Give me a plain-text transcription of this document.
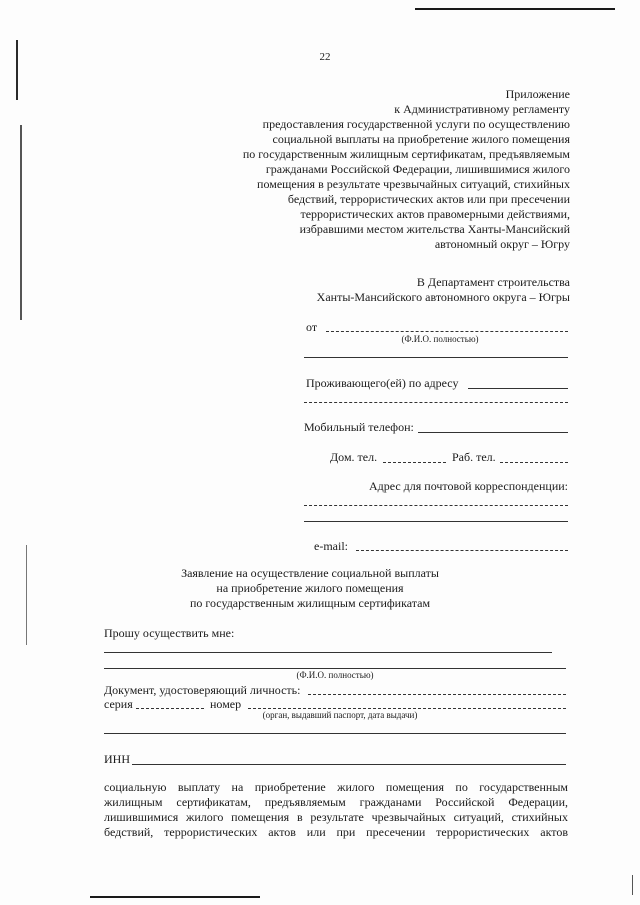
22
Приложение
к Административному регламенту
предоставления государственной услуги по осуществлению
социальной выплаты на приобретение жилого помещения
по государственным жилищным сертификатам, предъявляемым
гражданами Российской Федерации, лишившимися жилого
помещения в результате чрезвычайных ситуаций, стихийных
бедствий, террористических актов или при пресечении
террористических актов правомерными действиями,
избравшими местом жительства Ханты-Мансийский
автономный округ – Югру
В Департамент строительства
Ханты-Мансийского автономного округа – Югры
от
(Ф.И.О. полностью)
Проживающего(ей) по адресу
Мобильный телефон:
Дом. тел.	Раб. тел.
Адрес для почтовой корреспонденции:
e-mail:
Заявление на осуществление социальной выплаты
на приобретение жилого помещения
по государственным жилищным сертификатам
Прошу осуществить мне:
(Ф.И.О. полностью)
Документ, удостоверяющий личность:
серия	номер
(орган, выдавший паспорт, дата выдачи)
ИНН
социальную выплату на приобретение жилого помещения по государственным
жилищным сертификатам, предъявляемым гражданами Российской Федерации,
лишившимися жилого помещения в результате чрезвычайных ситуаций, стихийных
бедствий, террористических актов или при пресечении террористических актов
